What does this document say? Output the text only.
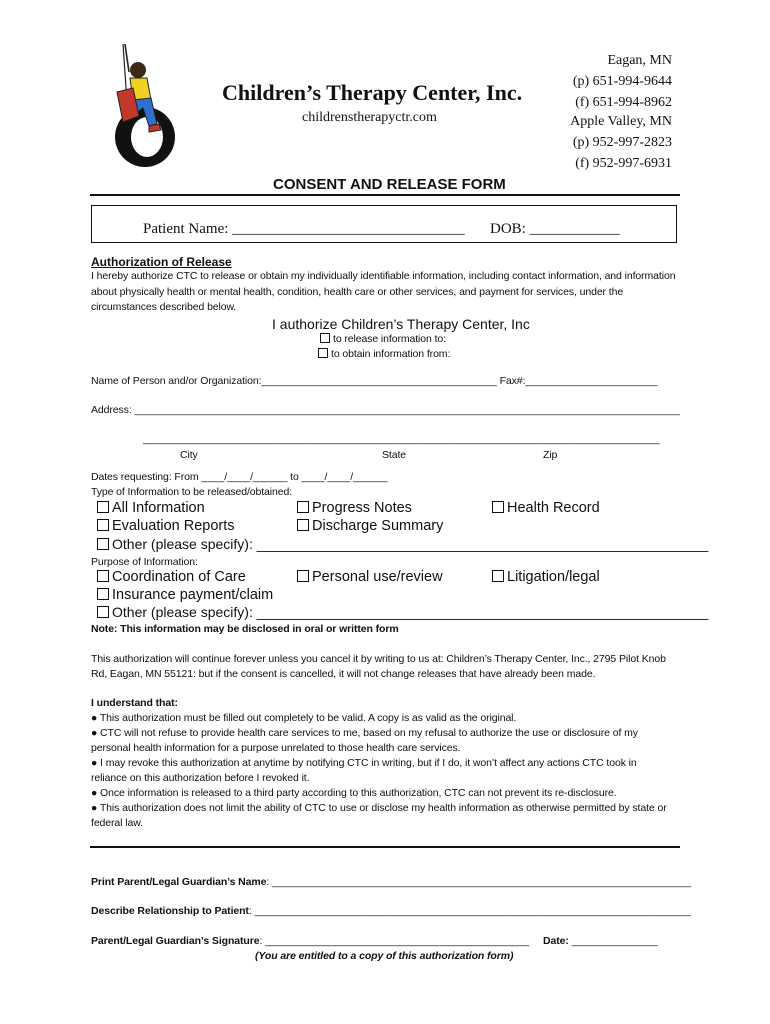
Children’s Therapy Center, Inc.
childrenstherapyctr.com
Eagan, MN
(p) 651-994-9644
(f) 651-994-8962
Apple Valley, MN
(p) 952-997-2823
(f) 952-997-6931
CONSENT AND RELEASE FORM
Patient Name: _______________________________ DOB: ____________
Authorization of Release
I hereby authorize CTC to release or obtain my individually identifiable information, including contact information, and information
about physically health or mental health, condition, health care or other services, and payment for services, under the
circumstances described below.
I authorize Children’s Therapy Center, Inc
to release information to:
to obtain information from:
Name of Person and/or Organization:_________________________________________ Fax#:_______________________
Address: _______________________________________________________________________________________________
__________________________________________________________________________________________
City	State	Zip
Dates requesting: From ____/____/______ to ____/____/______
Type of Information to be released/obtained:
All Information	Progress Notes	Health Record
Evaluation Reports	Discharge Summary
Other (please specify): __________________________________________________________
Purpose of Information:
Coordination of Care	Personal use/review	Litigation/legal
Insurance payment/claim
Other (please specify): __________________________________________________________
Note: This information may be disclosed in oral or written form
This authorization will continue forever unless you cancel it by writing to us at: Children’s Therapy Center, Inc., 2795 Pilot Knob
Rd, Eagan, MN 55121: but if the consent is cancelled, it will not change releases that have already been made.
I understand that:
● This authorization must be filled out completely to be valid. A copy is as valid as the original.
● CTC will not refuse to provide health care services to me, based on my refusal to authorize the use or disclosure of my
personal health information for a purpose unrelated to those health care services.
● I may revoke this authorization at anytime by notifying CTC in writing, but if I do, it won’t affect any actions CTC took in
reliance on this authorization before I revoked it.
● Once information is released to a third party according to this authorization, CTC can not prevent its re-disclosure.
● This authorization does not limit the ability of CTC to use or disclose my health information as otherwise permitted by state or
federal law.
Print Parent/Legal Guardian’s Name: _________________________________________________________________________
Describe Relationship to Patient: ____________________________________________________________________________
Parent/Legal Guardian’s Signature: ______________________________________________ Date: _______________
(You are entitled to a copy of this authorization form)
